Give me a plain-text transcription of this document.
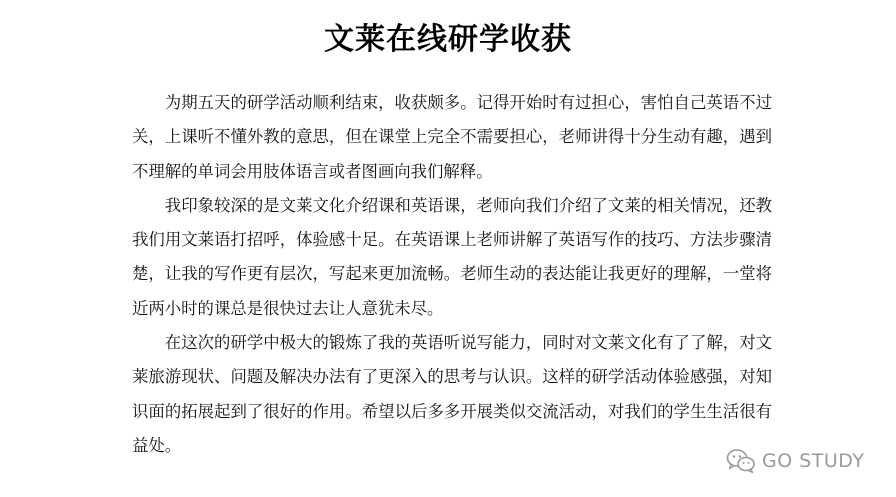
文莱在线研学收获

为期五天的研学活动顺利结束，收获颇多。记得开始时有过担心，害怕自己英语不过关，上课听不懂外教的意思，但在课堂上完全不需要担心，老师讲得十分生动有趣，遇到不理解的单词会用肢体语言或者图画向我们解释。

我印象较深的是文莱文化介绍课和英语课，老师向我们介绍了文莱的相关情况，还教我们用文莱语打招呼，体验感十足。在英语课上老师讲解了英语写作的技巧、方法步骤清楚，让我的写作更有层次，写起来更加流畅。老师生动的表达能让我更好的理解，一堂将近两小时的课总是很快过去让人意犹未尽。

在这次的研学中极大的锻炼了我的英语听说写能力，同时对文莱文化有了了解，对文莱旅游现状、问题及解决办法有了更深入的思考与认识。这样的研学活动体验感强，对知识面的拓展起到了很好的作用。希望以后多多开展类似交流活动，对我们的学生生活很有益处。

GO STUDY
